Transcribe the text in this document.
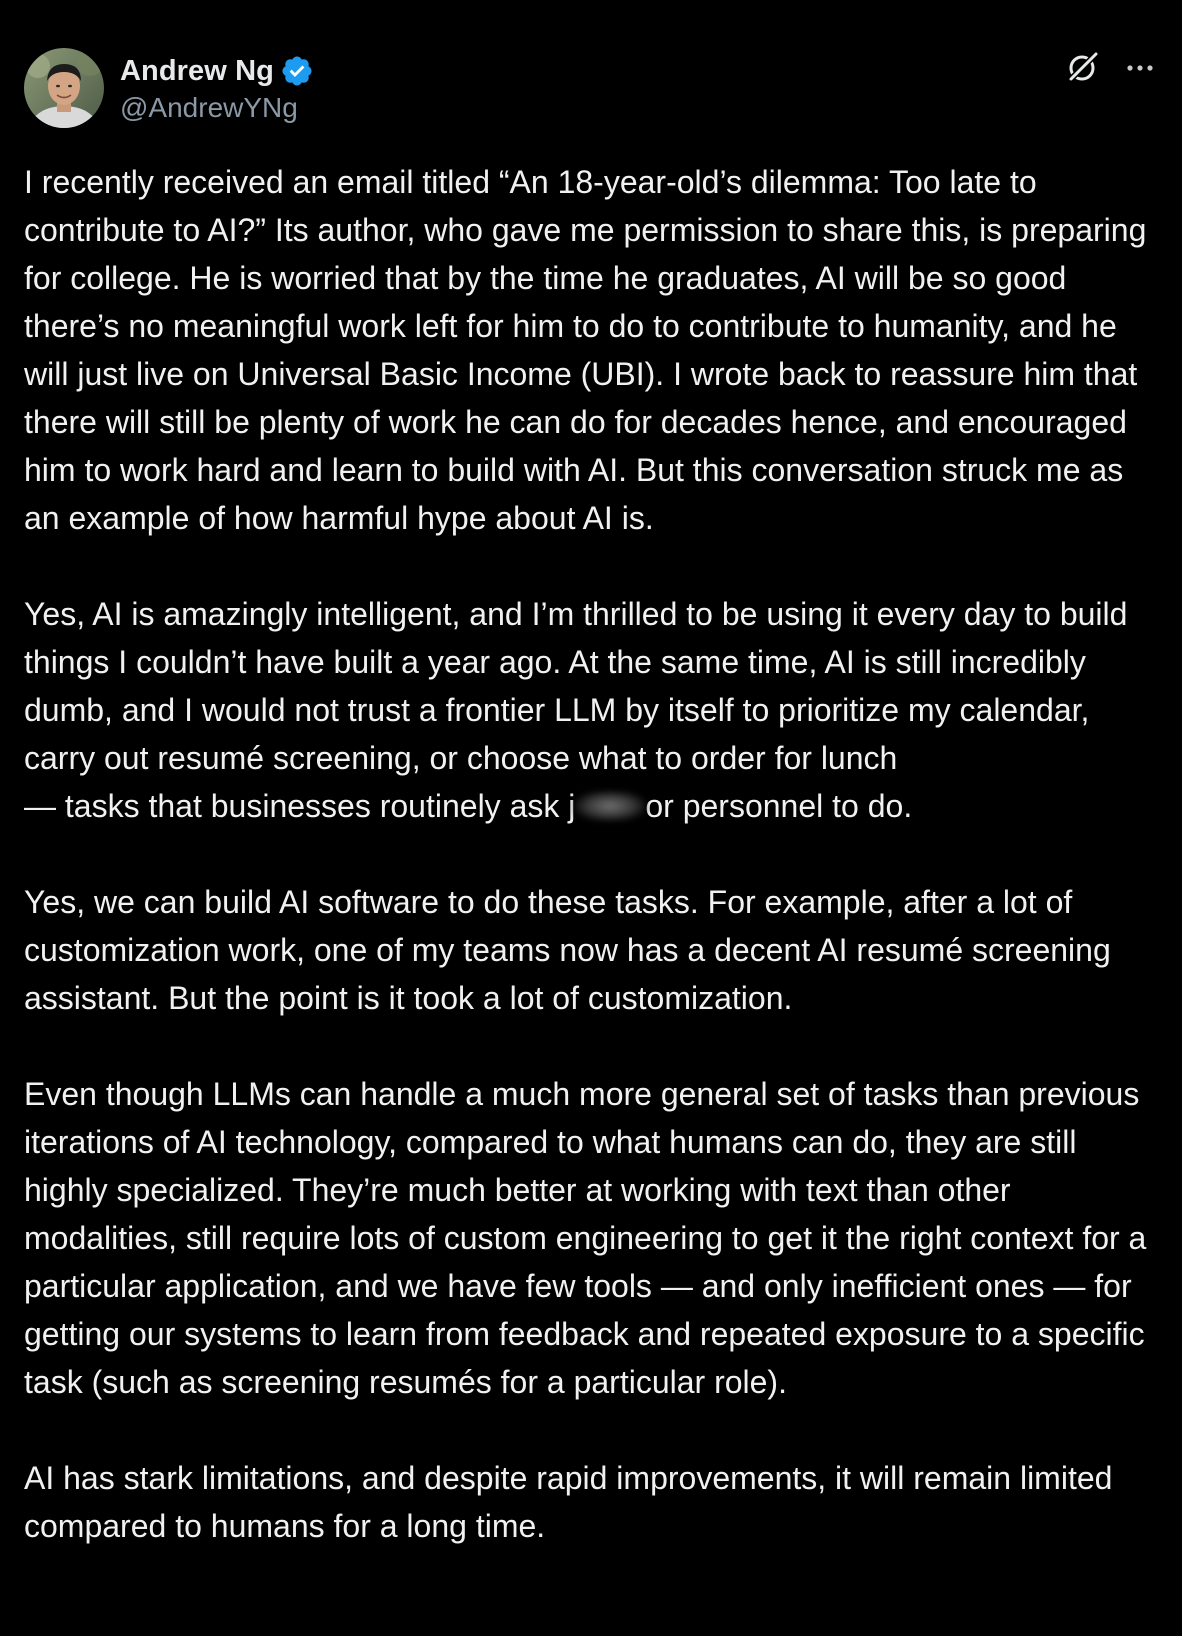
Andrew Ng
@AndrewYNg

I recently received an email titled “An 18-year-old’s dilemma: Too late to contribute to AI?” Its author, who gave me permission to share this, is preparing for college. He is worried that by the time he graduates, AI will be so good there’s no meaningful work left for him to do to contribute to humanity, and he will just live on Universal Basic Income (UBI). I wrote back to reassure him that there will still be plenty of work he can do for decades hence, and encouraged him to work hard and learn to build with AI. But this conversation struck me as an example of how harmful hype about AI is.

Yes, AI is amazingly intelligent, and I’m thrilled to be using it every day to build things I couldn’t have built a year ago. At the same time, AI is still incredibly dumb, and I would not trust a frontier LLM by itself to prioritize my calendar, carry out resumé screening, or choose what to order for lunch
— tasks that businesses routinely ask j or personnel to do.

Yes, we can build AI software to do these tasks. For example, after a lot of customization work, one of my teams now has a decent AI resumé screening assistant. But the point is it took a lot of customization.

Even though LLMs can handle a much more general set of tasks than previous iterations of AI technology, compared to what humans can do, they are still highly specialized. They’re much better at working with text than other modalities, still require lots of custom engineering to get it the right context for a particular application, and we have few tools — and only inefficient ones — for getting our systems to learn from feedback and repeated exposure to a specific task (such as screening resumés for a particular role).

AI has stark limitations, and despite rapid improvements, it will remain limited compared to humans for a long time.
